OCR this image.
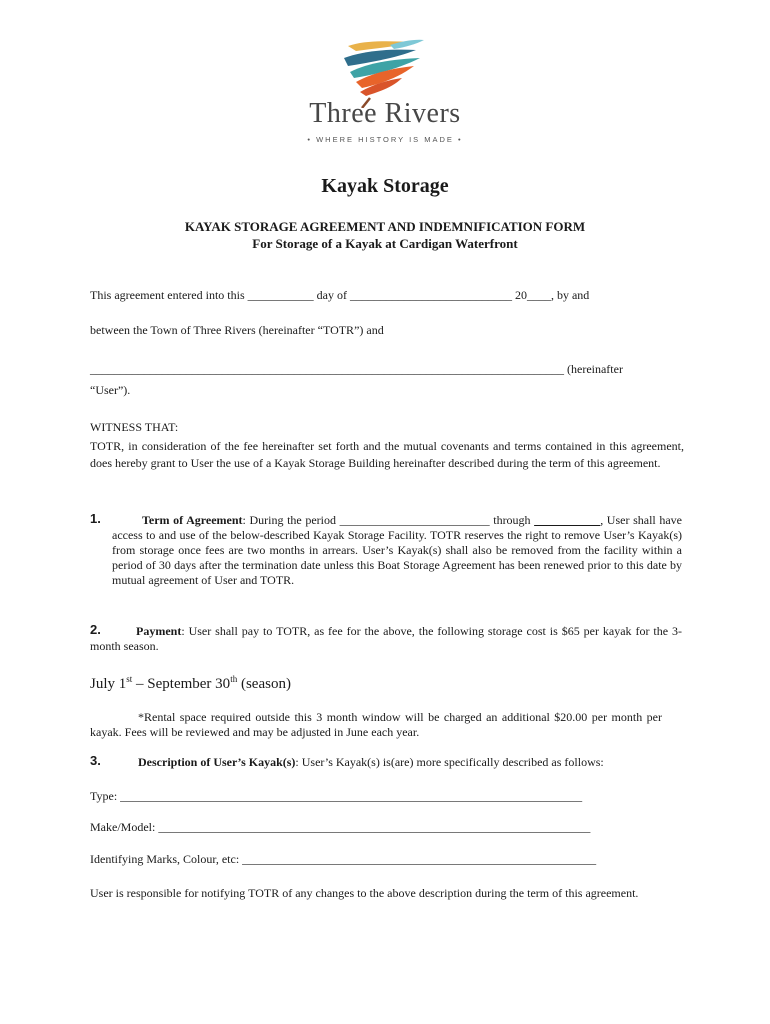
Three Rivers
• WHERE HISTORY IS MADE •
Kayak Storage
KAYAK STORAGE AGREEMENT AND INDEMNIFICATION FORM
For Storage of a Kayak at Cardigan Waterfront

This agreement entered into this ___________ day of ___________________________ 20____, by and

between the Town of Three Rivers (hereinafter “TOTR”) and

_______________________________________________________________________________ (hereinafter

“User”).

WITNESS THAT:

TOTR, in consideration of the fee hereinafter set forth and the mutual covenants and terms contained in this agreement, does hereby grant to User the use of a Kayak Storage Building hereinafter described during the term of this agreement.

1.	Term of Agreement: During the period _________________________ through ___________, User shall have access to and use of the below-described Kayak Storage Facility. TOTR reserves the right to remove User’s Kayak(s) from storage once fees are two months in arrears. User’s Kayak(s) shall also be removed from the facility within a period of 30 days after the termination date unless this Boat Storage Agreement has been renewed prior to this date by mutual agreement of User and TOTR.

2.	Payment: User shall pay to TOTR, as fee for the above, the following storage cost is $65 per kayak for the 3-month season.

July 1st – September 30th (season)

*Rental space required outside this 3 month window will be charged an additional $20.00 per month per kayak. Fees will be reviewed and may be adjusted in June each year.

3.	Description of User’s Kayak(s): User’s Kayak(s) is(are) more specifically described as follows:

Type: _____________________________________________________________________________

Make/Model: ________________________________________________________________________

Identifying Marks, Colour, etc: ___________________________________________________________

User is responsible for notifying TOTR of any changes to the above description during the term of this agreement.
